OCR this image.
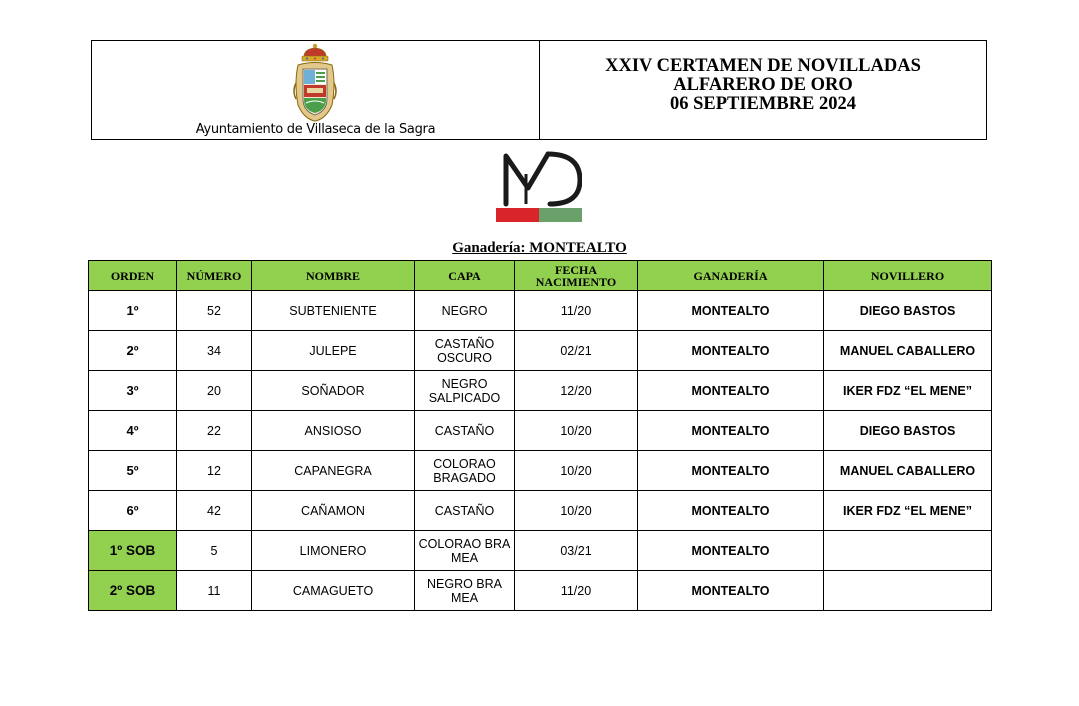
Ayuntamiento de Villaseca de la Sagra
XXIV CERTAMEN DE NOVILLADAS
ALFARERO DE ORO
06 SEPTIEMBRE 2024
Ganadería: MONTEALTO
ORDEN	NÚMERO	NOMBRE	CAPA	FECHA NACIMIENTO	GANADERÍA	NOVILLERO
1º	52	SUBTENIENTE	NEGRO	11/20	MONTEALTO	DIEGO BASTOS
2º	34	JULEPE	CASTAÑO OSCURO	02/21	MONTEALTO	MANUEL CABALLERO
3º	20	SOÑADOR	NEGRO SALPICADO	12/20	MONTEALTO	IKER FDZ “EL MENE”
4º	22	ANSIOSO	CASTAÑO	10/20	MONTEALTO	DIEGO BASTOS
5º	12	CAPANEGRA	COLORAO BRAGADO	10/20	MONTEALTO	MANUEL CABALLERO
6º	42	CAÑAMON	CASTAÑO	10/20	MONTEALTO	IKER FDZ “EL MENE”
1º SOB	5	LIMONERO	COLORAO BRA MEA	03/21	MONTEALTO	
2º SOB	11	CAMAGUETO	NEGRO BRA MEA	11/20	MONTEALTO	
